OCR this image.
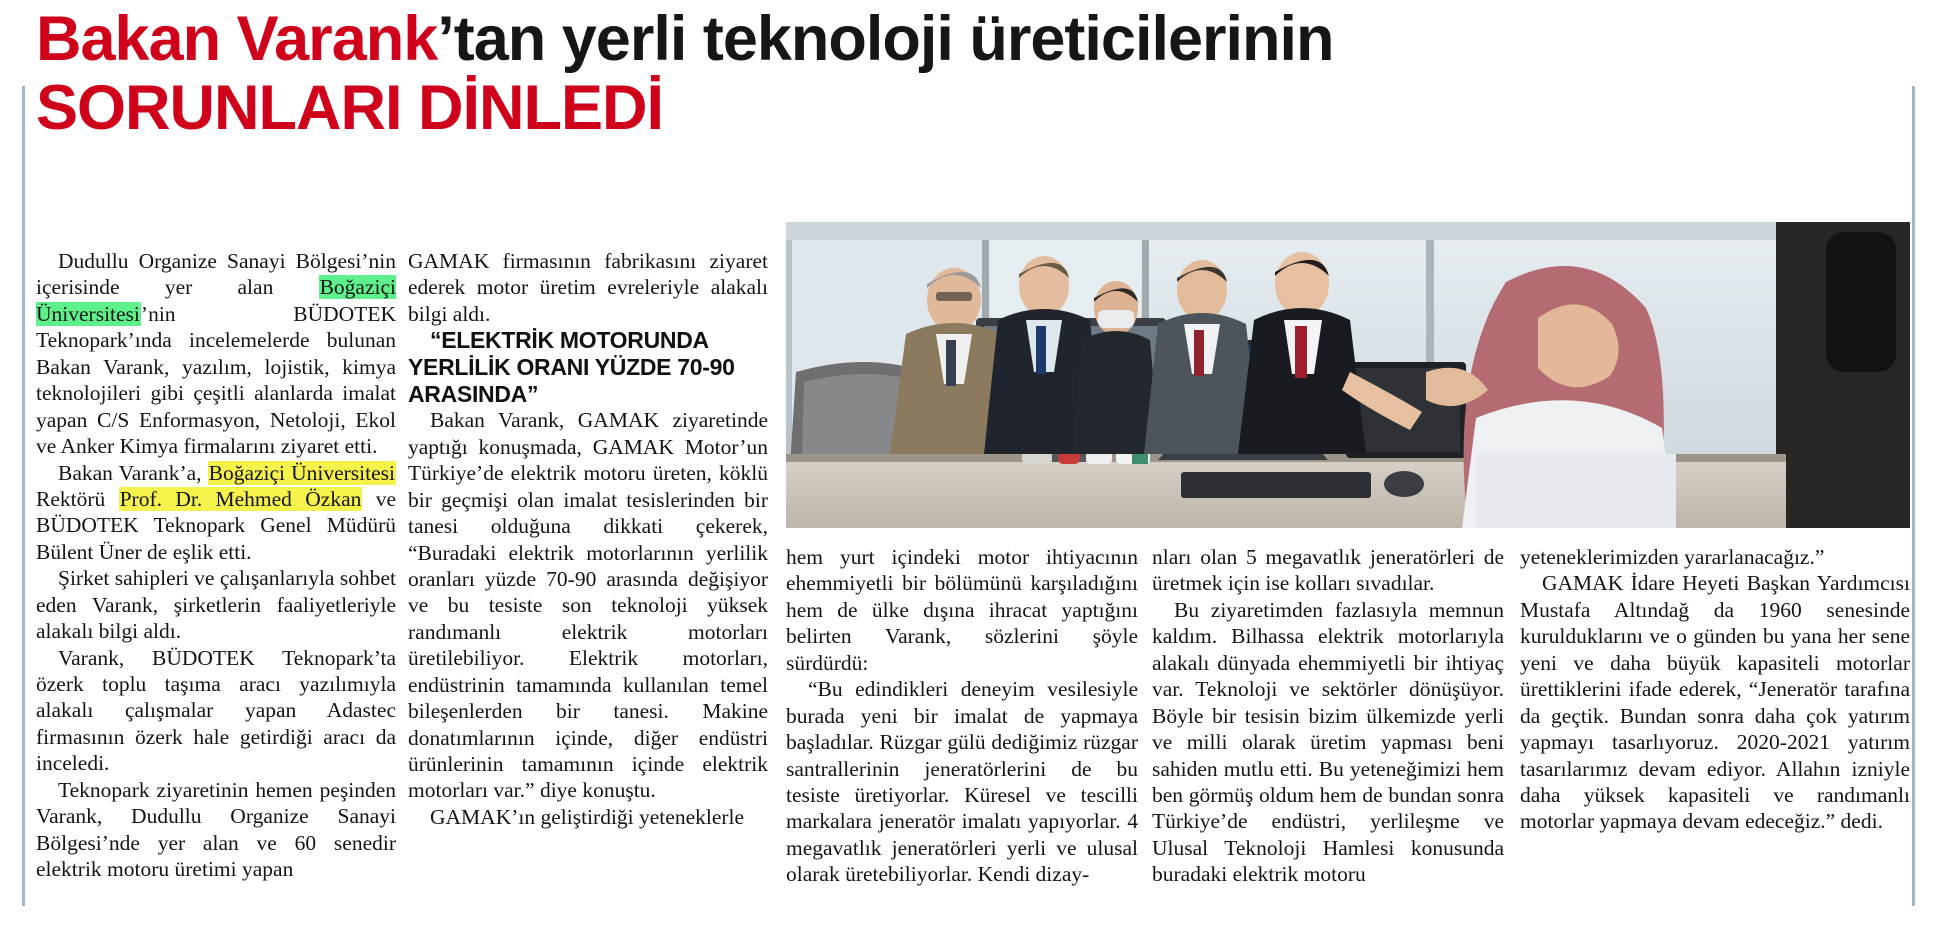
Bakan Varank’tan yerli teknoloji üreticilerinin
SORUNLARI DİNLEDİ

Dudullu Organize Sanayi Bölgesi’nin içerisinde yer alan Boğaziçi Üniversitesi’nin BÜDOTEK Teknopark’ında incelemelerde bulunan Bakan Varank, yazılım, lojistik, kimya teknolojileri gibi çeşitli alanlarda imalat yapan C/S Enformasyon, Netoloji, Ekol ve Anker Kimya firmalarını ziyaret etti.

Bakan Varank’a, Boğaziçi Üniversitesi Rektörü Prof. Dr. Mehmed Özkan ve BÜDOTEK Teknopark Genel Müdürü Bülent Üner de eşlik etti.

Şirket sahipleri ve çalışanlarıyla sohbet eden Varank, şirketlerin faaliyetleriyle alakalı bilgi aldı.

Varank, BÜDOTEK Teknopark’ta özerk toplu taşıma aracı yazılımıyla alakalı çalışmalar yapan Adastec firmasının özerk hale getirdiği aracı da inceledi.

Teknopark ziyaretinin hemen peşinden Varank, Dudullu Organize Sanayi Bölgesi’nde yer alan ve 60 senedir elektrik motoru üretimi yapan

GAMAK firmasının fabrikasını ziyaret ederek motor üretim evreleriyle alakalı bilgi aldı.

“ELEKTRİK MOTORUNDA YERLİLİK ORANI YÜZDE 70-90 ARASINDA”

Bakan Varank, GAMAK ziyaretinde yaptığı konuşmada, GAMAK Motor’un Türkiye’de elektrik motoru üreten, köklü bir geçmişi olan imalat tesislerinden bir tanesi olduğuna dikkati çekerek, “Buradaki elektrik motorlarının yerlilik oranları yüzde 70-90 arasında değişiyor ve bu tesiste son teknoloji yüksek randımanlı elektrik motorları üretilebiliyor. Elektrik motorları, endüstrinin tamamında kullanılan temel bileşenlerden bir tanesi. Makine donatımlarının içinde, diğer endüstri ürünlerinin tamamının içinde elektrik motorları var.” diye konuştu.

GAMAK’ın geliştirdiği yeteneklerle

hem yurt içindeki motor ihtiyacının ehemmiyetli bir bölümünü karşıladığını hem de ülke dışına ihracat yaptığını belirten Varank, sözlerini şöyle sürdürdü:

“Bu edindikleri deneyim vesilesiyle burada yeni bir imalat de yapmaya başladılar. Rüzgar gülü dediğimiz rüzgar santrallerinin jeneratörlerini de bu tesiste üretiyorlar. Küresel ve tescilli markalara jeneratör imalatı yapıyorlar. 4 megavatlık jeneratörleri yerli ve ulusal olarak üretebiliyorlar. Kendi dizay-

nları olan 5 megavatlık jeneratörleri de üretmek için ise kolları sıvadılar.

Bu ziyaretimden fazlasıyla memnun kaldım. Bilhassa elektrik motorlarıyla alakalı dünyada ehemmiyetli bir ihtiyaç var. Teknoloji ve sektörler dönüşüyor. Böyle bir tesisin bizim ülkemizde yerli ve milli olarak üretim yapması beni sahiden mutlu etti. Bu yeteneğimizi hem ben görmüş oldum hem de bundan sonra Türkiye’de endüstri, yerlileşme ve Ulusal Teknoloji Hamlesi konusunda buradaki elektrik motoru

yeteneklerimizden yararlanacağız.”

GAMAK İdare Heyeti Başkan Yardımcısı Mustafa Altındağ da 1960 senesinde kurulduklarını ve o günden bu yana her sene yeni ve daha büyük kapasiteli motorlar ürettiklerini ifade ederek, “Jeneratör tarafına da geçtik. Bundan sonra daha çok yatırım yapmayı tasarlıyoruz. 2020-2021 yatırım tasarılarımız devam ediyor. Allahın izniyle daha yüksek kapasiteli ve randımanlı motorlar yapmaya devam edeceğiz.” dedi.
